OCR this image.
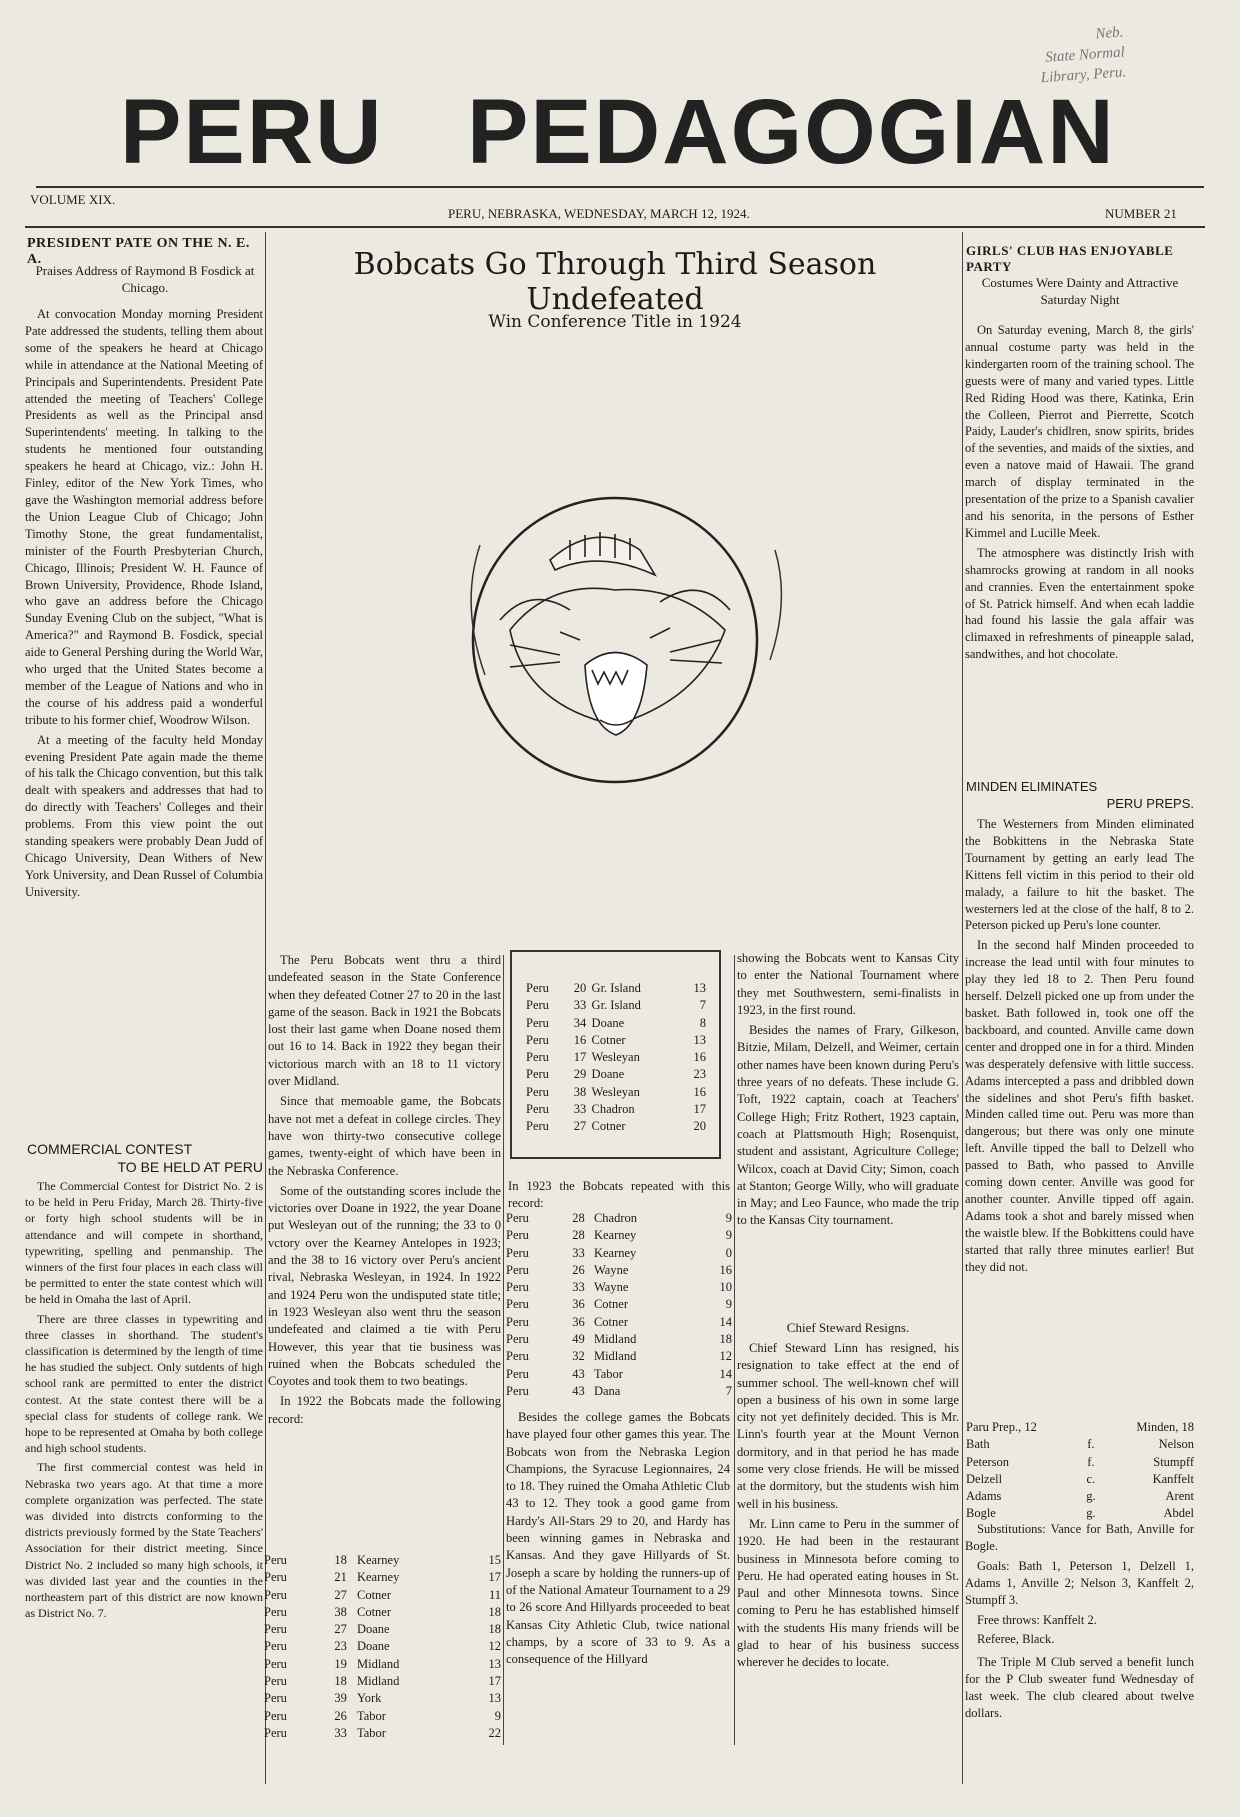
Neb.
State Normal
Library, Peru.
PERU PEDAGOGIAN
VOLUME XIX.
PERU, NEBRASKA, WEDNESDAY, MARCH 12, 1924.	NUMBER 21
PRESIDENT PATE ON THE N. E. A.
Praises Address of Raymond B Fosdick at Chicago.

At convocation Monday morning President Pate addressed the students, telling them about some of the speakers he heard at Chicago while in attendance at the National Meeting of Principals and Superintendents. President Pate attended the meeting of Teachers' College Presidents as well as the Principal ansd Superintendents' meeting. In talking to the students he mentioned four outstanding speakers he heard at Chicago, viz.: John H. Finley, editor of the New York Times, who gave the Washington memorial address before the Union League Club of Chicago; John Timothy Stone, the great fundamentalist, minister of the Fourth Presbyterian Church, Chicago, Illinois; President W. H. Faunce of Brown University, Providence, Rhode Island, who gave an address before the Chicago Sunday Evening Club on the subject, "What is America?" and Raymond B. Fosdick, special aide to General Pershing during the World War, who urged that the United States become a member of the League of Nations and who in the course of his address paid a wonderful tribute to his former chief, Woodrow Wilson.

At a meeting of the faculty held Monday evening President Pate again made the theme of his talk the Chicago convention, but this talk dealt with speakers and addresses that had to do directly with Teachers' Colleges and their problems. From this view point the out standing speakers were probably Dean Judd of Chicago University, Dean Withers of New York University, and Dean Russel of Columbia University.

COMMERCIAL CONTEST
TO BE HELD AT PERU

The Commercial Contest for District No. 2 is to be held in Peru Friday, March 28. Thirty-five or forty high school students will be in attendance and will compete in shorthand, typewriting, spelling and penmanship. The winners of the first four places in each class will be permitted to enter the state contest which will be held in Omaha the last of April.

There are three classes in typewriting and three classes in shorthand. The student's classification is determined by the length of time he has studied the subject. Only sutdents of high school rank are permitted to enter the district contest. At the state contest there will be a special class for students of college rank. We hope to be represented at Omaha by both college and high school students.

The first commercial contest was held in Nebraska two years ago. At that time a more complete organization was perfected. The state was divided into distrcts conforming to the districts previously formed by the State Teachers' Association for their district meeting. Since District No. 2 included so many high schools, it was divided last year and the counties in the northeastern part of this district are now known as District No. 7.

Bobcats Go Through Third Season Undefeated
Win Conference Title in 1924

The Peru Bobcats went thru a third undefeated season in the State Conference when they defeated Cotner 27 to 20 in the last game of the season. Back in 1921 the Bobcats lost their last game when Doane nosed them out 16 to 14. Back in 1922 they began their victorious march with an 18 to 11 victory over Midland.

Since that memoable game, the Bobcats have not met a defeat in college circles. They have won thirty-two consecutive college games, twenty-eight of which have been in the Nebraska Conference.

Some of the outstanding scores include the victories over Doane in 1922, the year Doane put Wesleyan out of the running; the 33 to 0 vctory over the Kearney Antelopes in 1923; and the 38 to 16 victory over Peru's ancient rival, Nebraska Wesleyan, in 1924. In 1922 and 1924 Peru won the undisputed state title; in 1923 Wesleyan also went thru the season undefeated and claimed a tie with Peru However, this year that tie business was ruined when the Bobcats scheduled the Coyotes and took them to two beatings.

In 1922 the Bobcats made the following record:

Peru	18	Kearney	15
Peru	21	Kearney	17
Peru	27	Cotner	11
Peru	38	Cotner	18
Peru	27	Doane	18
Peru	23	Doane	12
Peru	19	Midland	13
Peru	18	Midland	17
Peru	39	York	13
Peru	26	Tabor	9
Peru	33	Tabor	22
Peru	20	Gr. Island	13
Peru	33	Gr. Island	7
Peru	34	Doane	8
Peru	16	Cotner	13
Peru	17	Wesleyan	16
Peru	29	Doane	23
Peru	38	Wesleyan	16
Peru	33	Chadron	17
Peru	27	Cotner	20
In 1923 the Bobcats repeated with this record:
Peru	28	Chadron	9
Peru	28	Kearney	9
Peru	33	Kearney	0
Peru	26	Wayne	16
Peru	33	Wayne	10
Peru	36	Cotner	9
Peru	36	Cotner	14
Peru	49	Midland	18
Peru	32	Midland	12
Peru	43	Tabor	14
Peru	43	Dana	7
Besides the college games the Bobcats have played four other games this year. The Bobcats won from the Nebraska Legion Champions, the Syracuse Legionnaires, 24 to 18. They ruined the Omaha Athletic Club 43 to 12. They took a good game from Hardy's All-Stars 29 to 20, and Hardy has been winning games in Nebraska and Kansas. And they gave Hillyards of St. Joseph a scare by holding the runners-up of of the National Amateur Tournament to a 29 to 26 score And Hillyards proceeded to beat Kansas City Athletic Club, twice national champs, by a score of 33 to 9. As a consequence of the Hillyard

showing the Bobcats went to Kansas City to enter the National Tournament where they met Southwestern, semi-finalists in 1923, in the first round.

Besides the names of Frary, Gilkeson, Bitzie, Milam, Delzell, and Weimer, certain other names have been known during Peru's three years of no defeats. These include G. Toft, 1922 captain, coach at Teachers' College High; Fritz Rothert, 1923 captain, coach at Plattsmouth High; Rosenquist, student and assistant, Agriculture College; Wilcox, coach at David City; Simon, coach at Stanton; George Willy, who will graduate in May; and Leo Faunce, who made the trip to the Kansas City tournament.

Chief Steward Resigns.

Chief Steward Linn has resigned, his resignation to take effect at the end of summer school. The well-known chef will open a business of his own in some large city not yet definitely decided. This is Mr. Linn's fourth year at the Mount Vernon dormitory, and in that period he has made some very close friends. He will be missed at the dormitory, but the students wish him well in his business.

Mr. Linn came to Peru in the summer of 1920. He had been in the restaurant business in Minnesota before coming to Peru. He had operated eating houses in St. Paul and other Minnesota towns. Since coming to Peru he has established himself with the students His many friends will be glad to hear of his business success wherever he decides to locate.

GIRLS' CLUB HAS ENJOYABLE PARTY
Costumes Were Dainty and Attractive Saturday Night

On Saturday evening, March 8, the girls' annual costume party was held in the kindergarten room of the training school. The guests were of many and varied types. Little Red Riding Hood was there, Katinka, Erin the Colleen, Pierrot and Pierrette, Scotch Paidy, Lauder's chidlren, snow spirits, brides of the seventies, and maids of the sixties, and even a natove maid of Hawaii. The grand march of display terminated in the presentation of the prize to a Spanish cavalier and his senorita, in the persons of Esther Kimmel and Lucille Meek.

The atmosphere was distinctly Irish with shamrocks growing at random in all nooks and crannies. Even the entertainment spoke of St. Patrick himself. And when ecah laddie had found his lassie the gala affair was climaxed in refreshments of pineapple salad, sandwithes, and hot chocolate.

MINDEN ELIMINATES
PERU PREPS.

The Westerners from Minden eliminated the Bobkittens in the Nebraska State Tournament by getting an early lead The Kittens fell victim in this period to their old malady, a failure to hit the basket. The westerners led at the close of the half, 8 to 2. Peterson picked up Peru's lone counter.

In the second half Minden proceeded to increase the lead until with four minutes to play they led 18 to 2. Then Peru found herself. Delzell picked one up from under the basket. Bath followed in, took one off the backboard, and counted. Anville came down center and dropped one in for a third. Minden was desperately defensive with little success. Adams intercepted a pass and dribbled down the sidelines and shot Peru's fifth basket. Minden called time out. Peru was more than dangerous; but there was only one minute left. Anville tipped the ball to Delzell who passed to Bath, who passed to Anville coming down center. Anville was good for another counter. Anville tipped off again. Adams took a shot and barely missed when the waistle blew. If the Bobkittens could have started that rally three minutes earlier! But they did not.

Paru Prep., 12		Minden, 18
Bath	f.	Nelson
Peterson	f.	Stumpff
Delzell	c.	Kanffelt
Adams	g.	Arent
Bogle	g.	Abdel

Substitutions: Vance for Bath, Anville for Bogle.

Goals: Bath 1, Peterson 1, Delzell 1, Adams 1, Anville 2; Nelson 3, Kanffelt 2, Stumpff 3.

Free throws: Kanffelt 2.

Referee, Black.

The Triple M Club served a benefit lunch for the P Club sweater fund Wednesday of last week. The club cleared about twelve dollars.
